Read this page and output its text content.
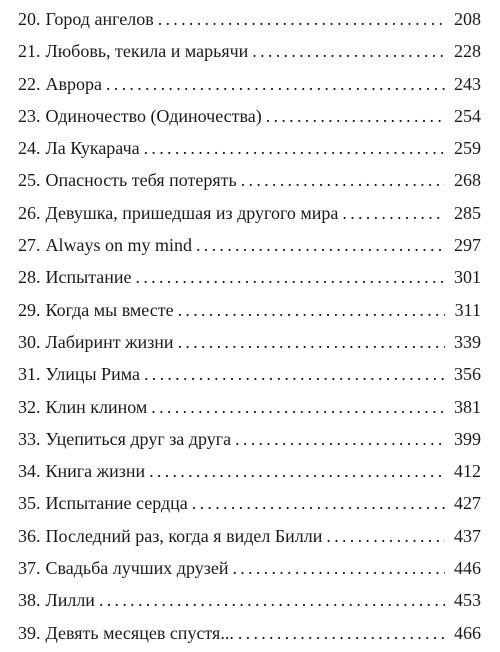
20. Город ангелов . . .	208
21. Любовь, текила и марьячи . . .	228
22. Аврора . . .	243
23. Одиночество (Одиночества) . . .	254
24. Ла Кукарача . . .	259
25. Опасность тебя потерять . . .	268
26. Девушка, пришедшая из другого мира . . .	285
27. Always on my mind . . .	297
28. Испытание . . .	301
29. Когда мы вместе . . .	311
30. Лабиринт жизни . . .	339
31. Улицы Рима . . .	356
32. Клин клином . . .	381
33. Уцепиться друг за друга . . .	399
34. Книга жизни . . .	412
35. Испытание сердца . . .	427
36. Последний раз, когда я видел Билли . . .	437
37. Свадьба лучших друзей . . .	446
38. Лилли . . .	453
39. Девять месяцев спустя... . . .	466
